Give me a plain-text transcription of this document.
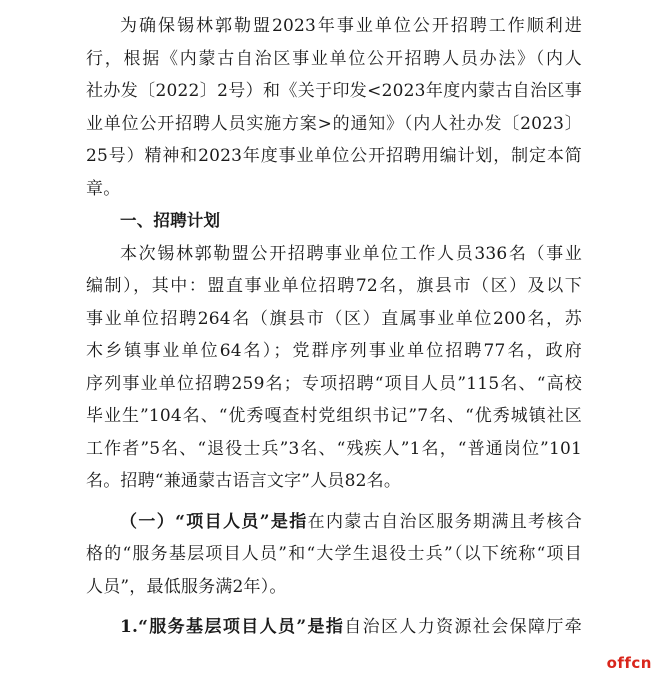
为确保锡林郭勒盟2023年事业单位公开招聘工作顺利进
行，根据《内蒙古自治区事业单位公开招聘人员办法》（内人
社办发〔2022〕2号）和《关于印发<2023年度内蒙古自治区事
业单位公开招聘人员实施方案>的通知》（内人社办发〔2023〕
25号）精神和2023年度事业单位公开招聘用编计划，制定本简
章。
一、招聘计划
本次锡林郭勒盟公开招聘事业单位工作人员336名（事业
编制），其中：盟直事业单位招聘72名，旗县市（区）及以下
事业单位招聘264名（旗县市（区）直属事业单位200名，苏
木乡镇事业单位64名）；党群序列事业单位招聘77名，政府
序列事业单位招聘259名；专项招聘“项目人员”115名、“高校
毕业生”104名、“优秀嘎查村党组织书记”7名、“优秀城镇社区
工作者”5名、“退役士兵”3名、“残疾人”1名，“普通岗位”101
名。招聘“兼通蒙古语言文字”人员82名。
（一）“项目人员”是指在内蒙古自治区服务期满且考核合
格的“服务基层项目人员”和“大学生退役士兵”（以下统称“项目
人员”，最低服务满2年）。
1.“服务基层项目人员”是指自治区人力资源社会保障厅牵
offcn
